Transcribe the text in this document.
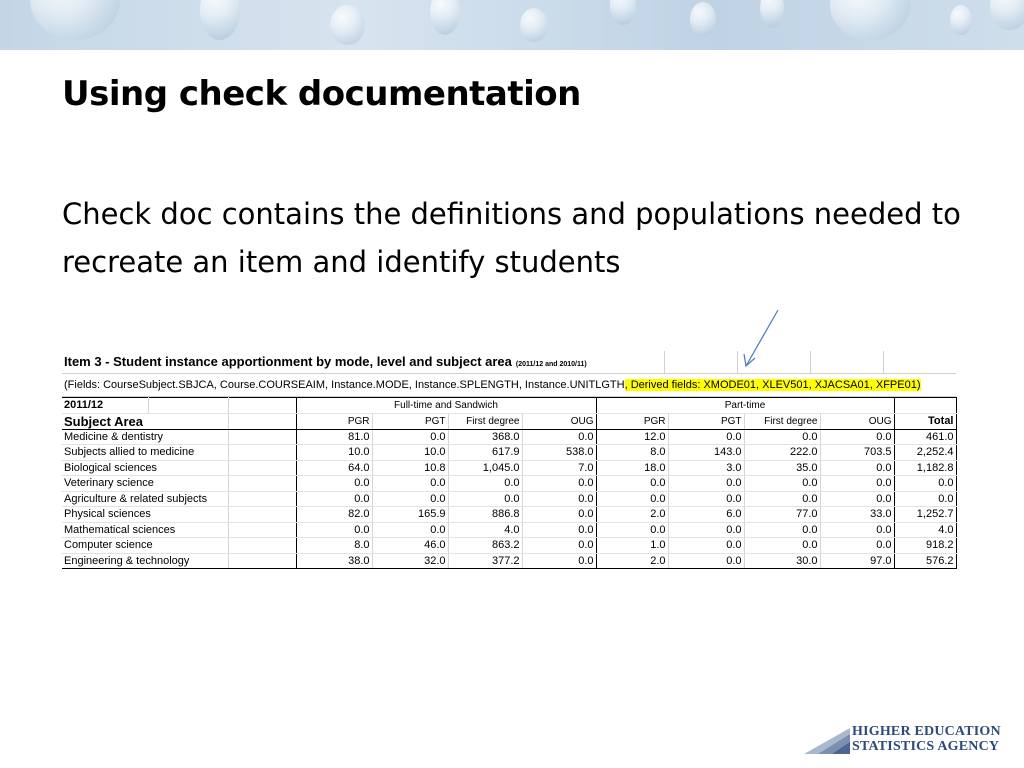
Using check documentation
Check doc contains the definitions and populations needed to recreate an item and identify students
Item 3 - Student instance apportionment by mode, level and subject area (2011/12 and 2010/11)
(Fields: CourseSubject.SBJCA, Course.COURSEAIM, Instance.MODE, Instance.SPLENGTH, Instance.UNITLGTH, Derived fields: XMODE01, XLEV501, XJACSA01, XFPE01)
2011/12			Full-time and Sandwich				Part-time				
Subject Area			PGR	PGT	First degree	OUG	PGR	PGT	First degree	OUG	Total
Medicine & dentistry			81.0	0.0	368.0	0.0	12.0	0.0	0.0	0.0	461.0
Subjects allied to medicine			10.0	10.0	617.9	538.0	8.0	143.0	222.0	703.5	2,252.4
Biological sciences			64.0	10.8	1,045.0	7.0	18.0	3.0	35.0	0.0	1,182.8
Veterinary science			0.0	0.0	0.0	0.0	0.0	0.0	0.0	0.0	0.0
Agriculture & related subjects			0.0	0.0	0.0	0.0	0.0	0.0	0.0	0.0	0.0
Physical sciences			82.0	165.9	886.8	0.0	2.0	6.0	77.0	33.0	1,252.7
Mathematical sciences			0.0	0.0	4.0	0.0	0.0	0.0	0.0	0.0	4.0
Computer science			8.0	46.0	863.2	0.0	1.0	0.0	0.0	0.0	918.2
Engineering & technology			38.0	32.0	377.2	0.0	2.0	0.0	30.0	97.0	576.2
HIGHER EDUCATION
STATISTICS AGENCY
